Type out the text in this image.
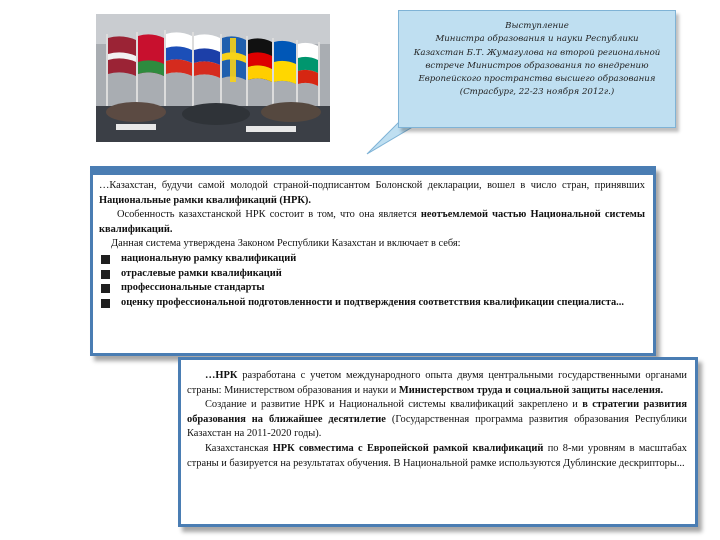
Выступление
Министра образования и науки Республики
Казахстан Б.Т. Жумагулова на второй региональной
встрече Министров образования по внедрению
Европейского пространства высшего образования
(Страсбург, 22-23 ноября 2012г.)

…Казахстан, будучи самой молодой страной-подписантом Болонской декларации, вошел в число стран, принявших Национальные рамки квалификаций (НРК).

Особенность казахстанской НРК состоит в том, что она является неотъемлемой частью Национальной системы квалификаций.

Данная система утверждена Законом Республики Казахстан и включает в себя:

национальную рамку квалификаций
отраслевые рамки квалификаций
профессиональные стандарты
оценку профессиональной подготовленности и подтверждения соответствия квалификации специалиста...

…НРК разработана с учетом международного опыта двумя центральными государственными органами страны: Министерством образования и науки и Министерством труда и социальной защиты населения.

Создание и развитие НРК и Национальной системы квалификаций закреплено и в стратегии развития образования на ближайшее десятилетие (Государственная программа развития образования Республики Казахстан на 2011-2020 годы).

Казахстанская НРК совместима с Европейской рамкой квалификаций по 8-ми уровням в масштабах страны и базируется на результатах обучения. В Национальной рамке используются Дублинские дескрипторы...
